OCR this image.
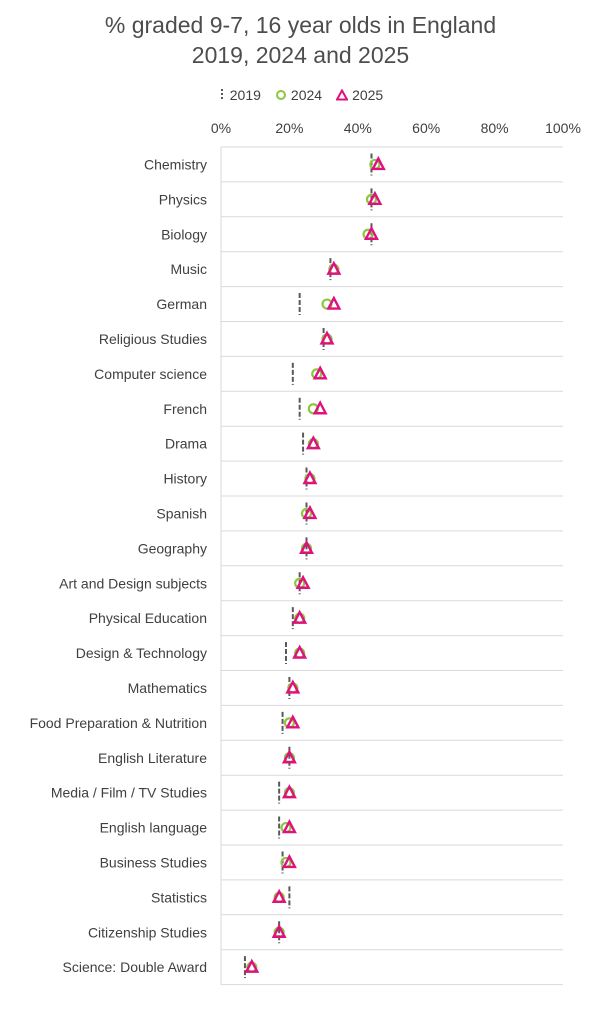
% graded 9-7, 16 year olds in England
2019, 2024 and 2025
2019 2024 2025
0%	20%	40%	60%	80%	100%
Chemistry
Physics
Biology
Music
German
Religious Studies
Computer science
French
Drama
History
Spanish
Geography
Art and Design subjects
Physical Education
Design & Technology
Mathematics
Food Preparation & Nutrition
English Literature
Media / Film / TV Studies
English language
Business Studies
Statistics
Citizenship Studies
Science: Double Award
